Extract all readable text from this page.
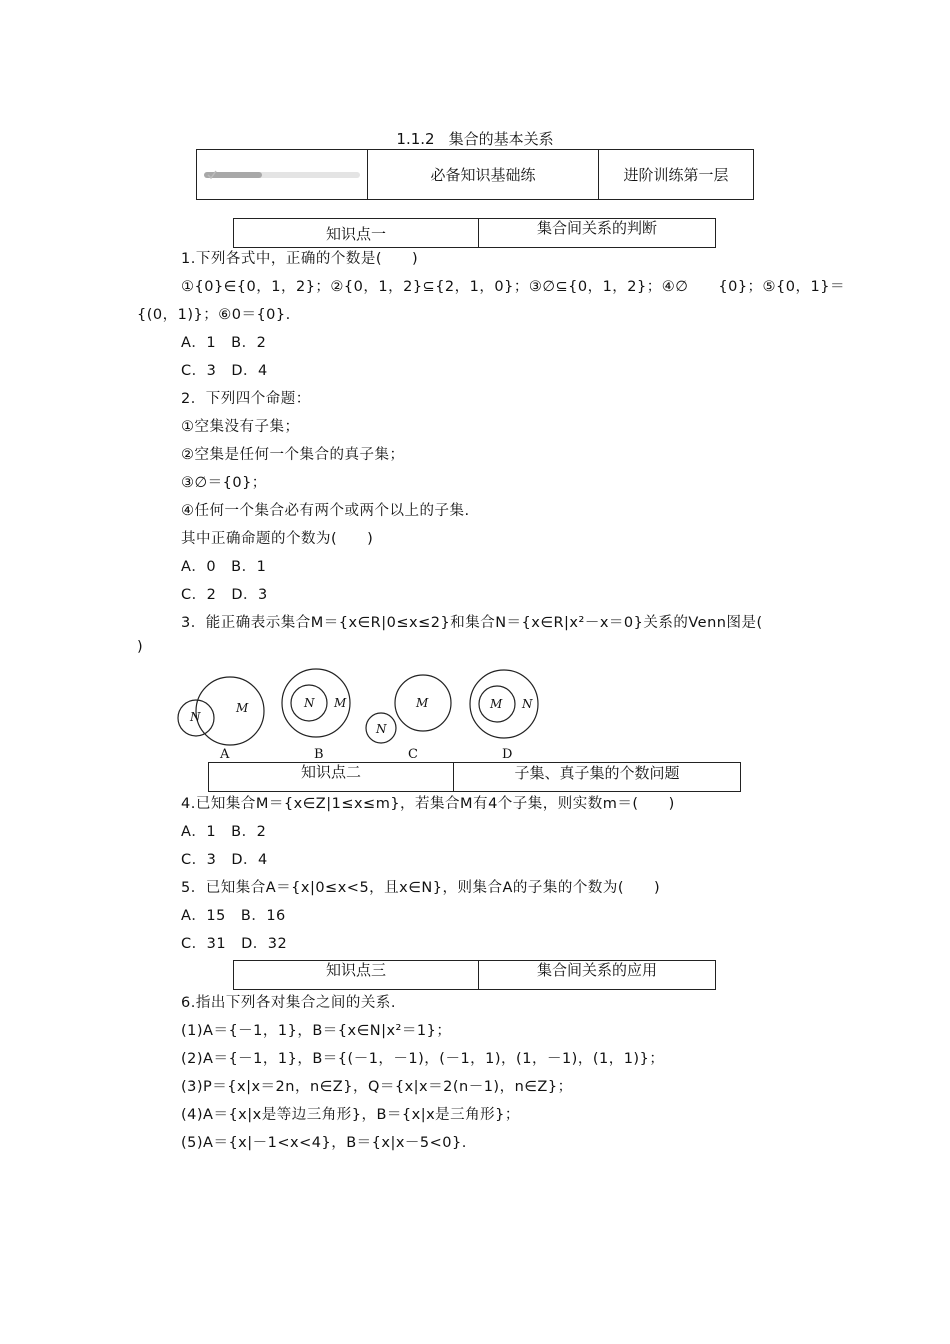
1.1.2 集合的基本关系
	必备知识基础练	进阶训练第一层
知识点一	集合间关系的判断
1.下列各式中，正确的个数是(　　)
①{0}∈{0，1，2}；②{0，1，2}⊆{2，1，0}；③∅⊆{0，1，2}；④∅　　{0}；⑤{0，1}＝
{(0，1)}；⑥0＝{0}.
A．1　B．2
C．3　D．4
2．下列四个命题：
①空集没有子集；
②空集是任何一个集合的真子集；
③∅＝{0}；
④任何一个集合必有两个或两个以上的子集.
其中正确命题的个数为(　　)
A．0　B．1
C．2　D．3
3．能正确表示集合M＝{x∈R|0≤x≤2}和集合N＝{x∈R|x²－x＝0}关系的Venn图是(
)
M
N
N M	M
N
M N
A	B	C	D
知识点二	子集、真子集的个数问题
4.已知集合M＝{x∈Z|1≤x≤m}，若集合M有4个子集，则实数m＝(　　)
A．1　B．2
C．3　D．4
5．已知集合A＝{x|0≤x<5，且x∈N}，则集合A的子集的个数为(　　)
A．15　B．16
C．31　D．32
知识点三	集合间关系的应用
6.指出下列各对集合之间的关系.
(1)A＝{－1，1}，B＝{x∈N|x²＝1}；
(2)A＝{－1，1}，B＝{(－1，－1)，(－1，1)，(1，－1)，(1，1)}；
(3)P＝{x|x＝2n，n∈Z}，Q＝{x|x＝2(n－1)，n∈Z}；
(4)A＝{x|x是等边三角形}，B＝{x|x是三角形}；
(5)A＝{x|－1<x<4}，B＝{x|x－5<0}.
